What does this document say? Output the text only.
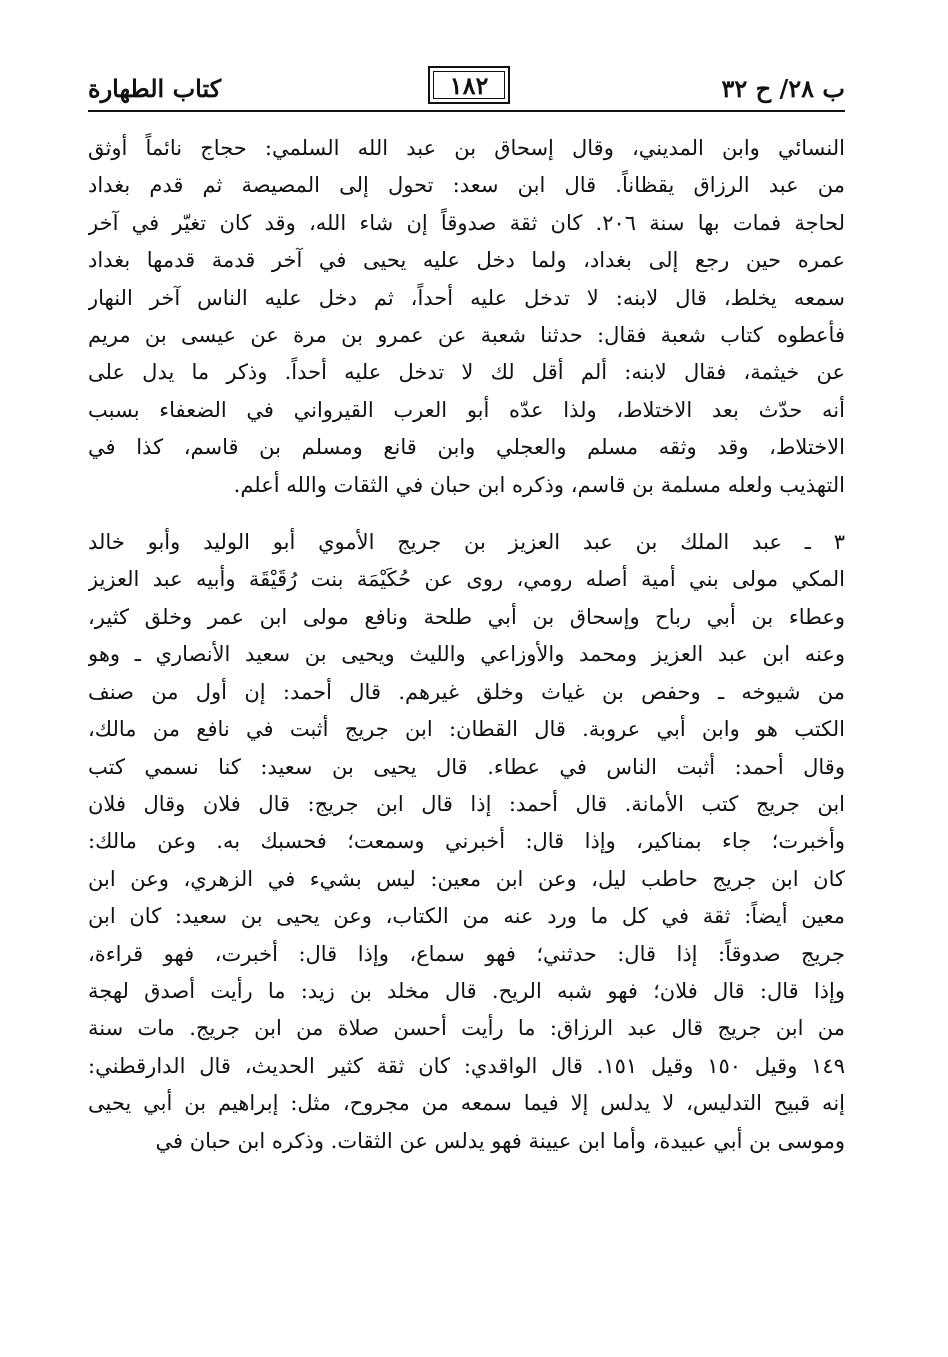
ب ٢٨/ ح ٣٢
١٨٢
كتاب الطهارة
النسائي وابن المديني، وقال إسحاق بن عبد الله السلمي: حجاج نائماً أوثق
من عبد الرزاق يقظاناً. قال ابن سعد: تحول إلى المصيصة ثم قدم بغداد
لحاجة فمات بها سنة ٢٠٦. كان ثقة صدوقاً إن شاء الله، وقد كان تغيّر في آخر
عمره حين رجع إلى بغداد، ولما دخل عليه يحيى في آخر قدمة قدمها بغداد
سمعه يخلط، قال لابنه: لا تدخل عليه أحداً، ثم دخل عليه الناس آخر النهار
فأعطوه كتاب شعبة فقال: حدثنا شعبة عن عمرو بن مرة عن عيسى بن مريم
عن خيثمة، فقال لابنه: ألم أقل لك لا تدخل عليه أحداً. وذكر ما يدل على
أنه حدّث بعد الاختلاط، ولذا عدّه أبو العرب القيرواني في الضعفاء بسبب
الاختلاط، وقد وثقه مسلم والعجلي وابن قانع ومسلم بن قاسم، كذا في
التهذيب ولعله مسلمة بن قاسم، وذكره ابن حبان في الثقات والله أعلم.
٣ ـ عبد الملك بن عبد العزيز بن جريج الأموي أبو الوليد وأبو خالد
المكي مولى بني أمية أصله رومي، روى عن حُكَيْمَة بنت رُقَيْقَة وأبيه عبد العزيز
وعطاء بن أبي رباح وإسحاق بن أبي طلحة ونافع مولى ابن عمر وخلق كثير،
وعنه ابن عبد العزيز ومحمد والأوزاعي والليث ويحيى بن سعيد الأنصاري ـ وهو
من شيوخه ـ وحفص بن غياث وخلق غيرهم. قال أحمد: إن أول من صنف
الكتب هو وابن أبي عروبة. قال القطان: ابن جريج أثبت في نافع من مالك،
وقال أحمد: أثبت الناس في عطاء. قال يحيى بن سعيد: كنا نسمي كتب
ابن جريج كتب الأمانة. قال أحمد: إذا قال ابن جريج: قال فلان وقال فلان
وأخبرت؛ جاء بمناكير، وإذا قال: أخبرني وسمعت؛ فحسبك به. وعن مالك:
كان ابن جريج حاطب ليل، وعن ابن معين: ليس بشيء في الزهري، وعن ابن
معين أيضاً: ثقة في كل ما ورد عنه من الكتاب، وعن يحيى بن سعيد: كان ابن
جريج صدوقاً: إذا قال: حدثني؛ فهو سماع، وإذا قال: أخبرت، فهو قراءة،
وإذا قال: قال فلان؛ فهو شبه الريح. قال مخلد بن زيد: ما رأيت أصدق لهجة
من ابن جريج قال عبد الرزاق: ما رأيت أحسن صلاة من ابن جريج. مات سنة
١٤٩ وقيل ١٥٠ وقيل ١٥١. قال الواقدي: كان ثقة كثير الحديث، قال الدارقطني:
إنه قبيح التدليس، لا يدلس إلا فيما سمعه من مجروح، مثل: إبراهيم بن أبي يحيى
وموسى بن أبي عبيدة، وأما ابن عيينة فهو يدلس عن الثقات. وذكره ابن حبان في
